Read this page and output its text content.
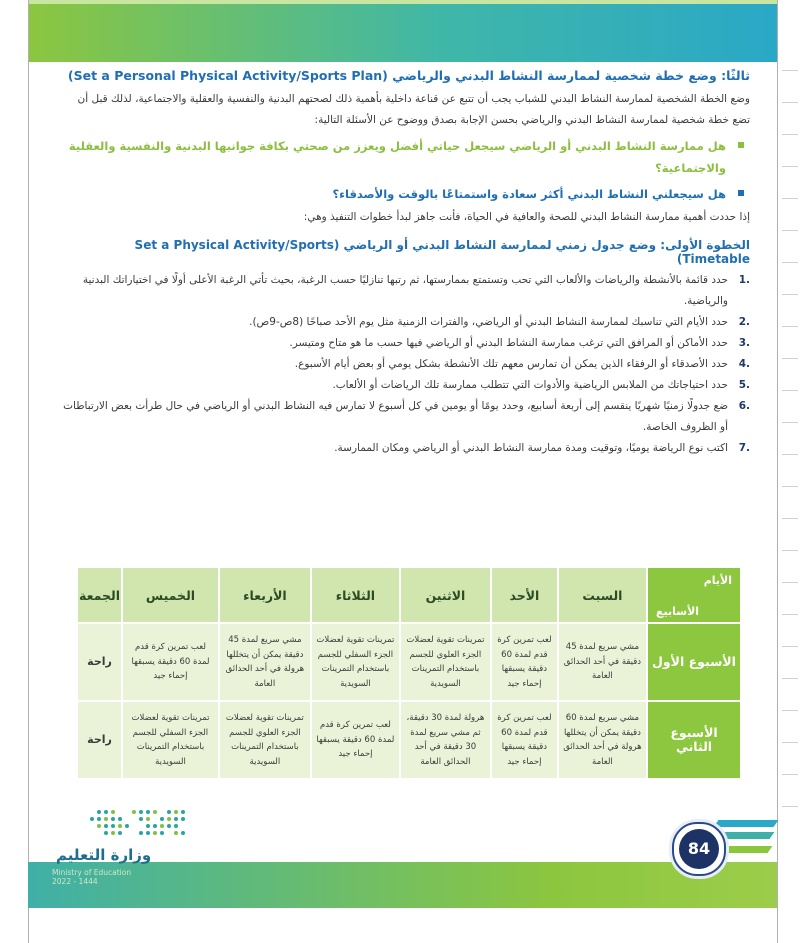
ثالثًا: وضع خطة شخصية لممارسة النشاط البدني والرياضي (Set a Personal Physical Activity/Sports Plan)

وضع الخطة الشخصية لممارسة النشاط البدني للشباب يجب أن تتبع عن قناعة داخلية بأهمية ذلك لصحتهم البدنية والنفسية والعقلية والاجتماعية، لذلك قبل أن تضع خطة شخصية لممارسة النشاط البدني والرياضي بحسن الإجابة بصدق ووضوح عن الأسئلة التالية:

هل ممارسة النشاط البدني أو الرياضي سيجعل حياتي أفضل ويعزز من صحتي بكافة جوانبها البدنية والنفسية والعقلية والاجتماعية؟
هل سيجعلني النشاط البدني أكثر سعادة واستمتاعًا بالوقت والأصدقاء؟

إذا حددت أهمية ممارسة النشاط البدني للصحة والعافية في الحياة، فأنت جاهز لبدأ خطوات التنفيذ وهي:

الخطوة الأولى: وضع جدول زمني لممارسة النشاط البدني أو الرياضي (Set a Physical Activity/Sports Timetable)
.1
حدد قائمة بالأنشطة والرياضات والألعاب التي تحب وتستمتع بممارستها، ثم رتبها تنازليًا حسب الرغبة، بحيث تأتي الرغبة الأعلى أولًا في اختياراتك البدنية والرياضية.
.2
حدد الأيام التي تناسبك لممارسة النشاط البدني أو الرياضي، والفترات الزمنية مثل يوم الأحد صباحًا (8ص-9ص).
.3
حدد الأماكن أو المرافق التي ترغب ممارسة النشاط البدني أو الرياضي فيها حسب ما هو متاح ومتيسر.
.4
حدد الأصدقاء أو الرفقاء الذين يمكن أن تمارس معهم تلك الأنشطة بشكل يومي أو بعض أيام الأسبوع.
.5
حدد احتياجاتك من الملابس الرياضية والأدوات التي تتطلب ممارسة تلك الرياضات أو الألعاب.
.6
ضع جدولًا زمنيًا شهريًا ينقسم إلى أربعة أسابيع، وحدد يومًا أو يومين في كل أسبوع لا تمارس فيه النشاط البدني أو الرياضي في حال طرأت بعض الارتباطات أو الظروف الخاصة.
.7
اكتب نوع الرياضة يوميًا، وتوقيت ومدة ممارسة النشاط البدني أو الرياضي ومكان الممارسة.
الأيام
الأسابيع	السبت	الأحد	الاثنين	الثلاثاء	الأربعاء	الخميس	الجمعة
الأسبوع الأول	مشي سريع لمدة 45 دقيقة في أحد الحدائق العامة	لعب تمرين كرة قدم لمدة 60 دقيقة يسبقها إحماء جيد	تمرينات تقوية لعضلات الجزء العلوي للجسم باستخدام التمرينات السويدية	تمرينات تقوية لعضلات الجزء السفلي للجسم باستخدام التمرينات السويدية	مشي سريع لمدة 45 دقيقة يمكن أن يتخللها هرولة في أحد الحدائق العامة	لعب تمرين كرة قدم لمدة 60 دقيقة يسبقها إحماء جيد	راحة
الأسبوع الثاني	مشي سريع لمدة 60 دقيقة يمكن أن يتخللها هرولة في أحد الحدائق العامة	لعب تمرين كرة قدم لمدة 60 دقيقة يسبقها إحماء جيد	هرولة لمدة 30 دقيقة، ثم مشي سريع لمدة 30 دقيقة في أحد الحدائق العامة	لعب تمرين كرة قدم لمدة 60 دقيقة يسبقها إحماء جيد	تمرينات تقوية لعضلات الجزء العلوي للجسم باستخدام التمرينات السويدية	تمرينات تقوية لعضلات الجزء السفلي للجسم باستخدام التمرينات السويدية	راحة
وزارة التعليم
Ministry of Education 2022 - 1444
84
